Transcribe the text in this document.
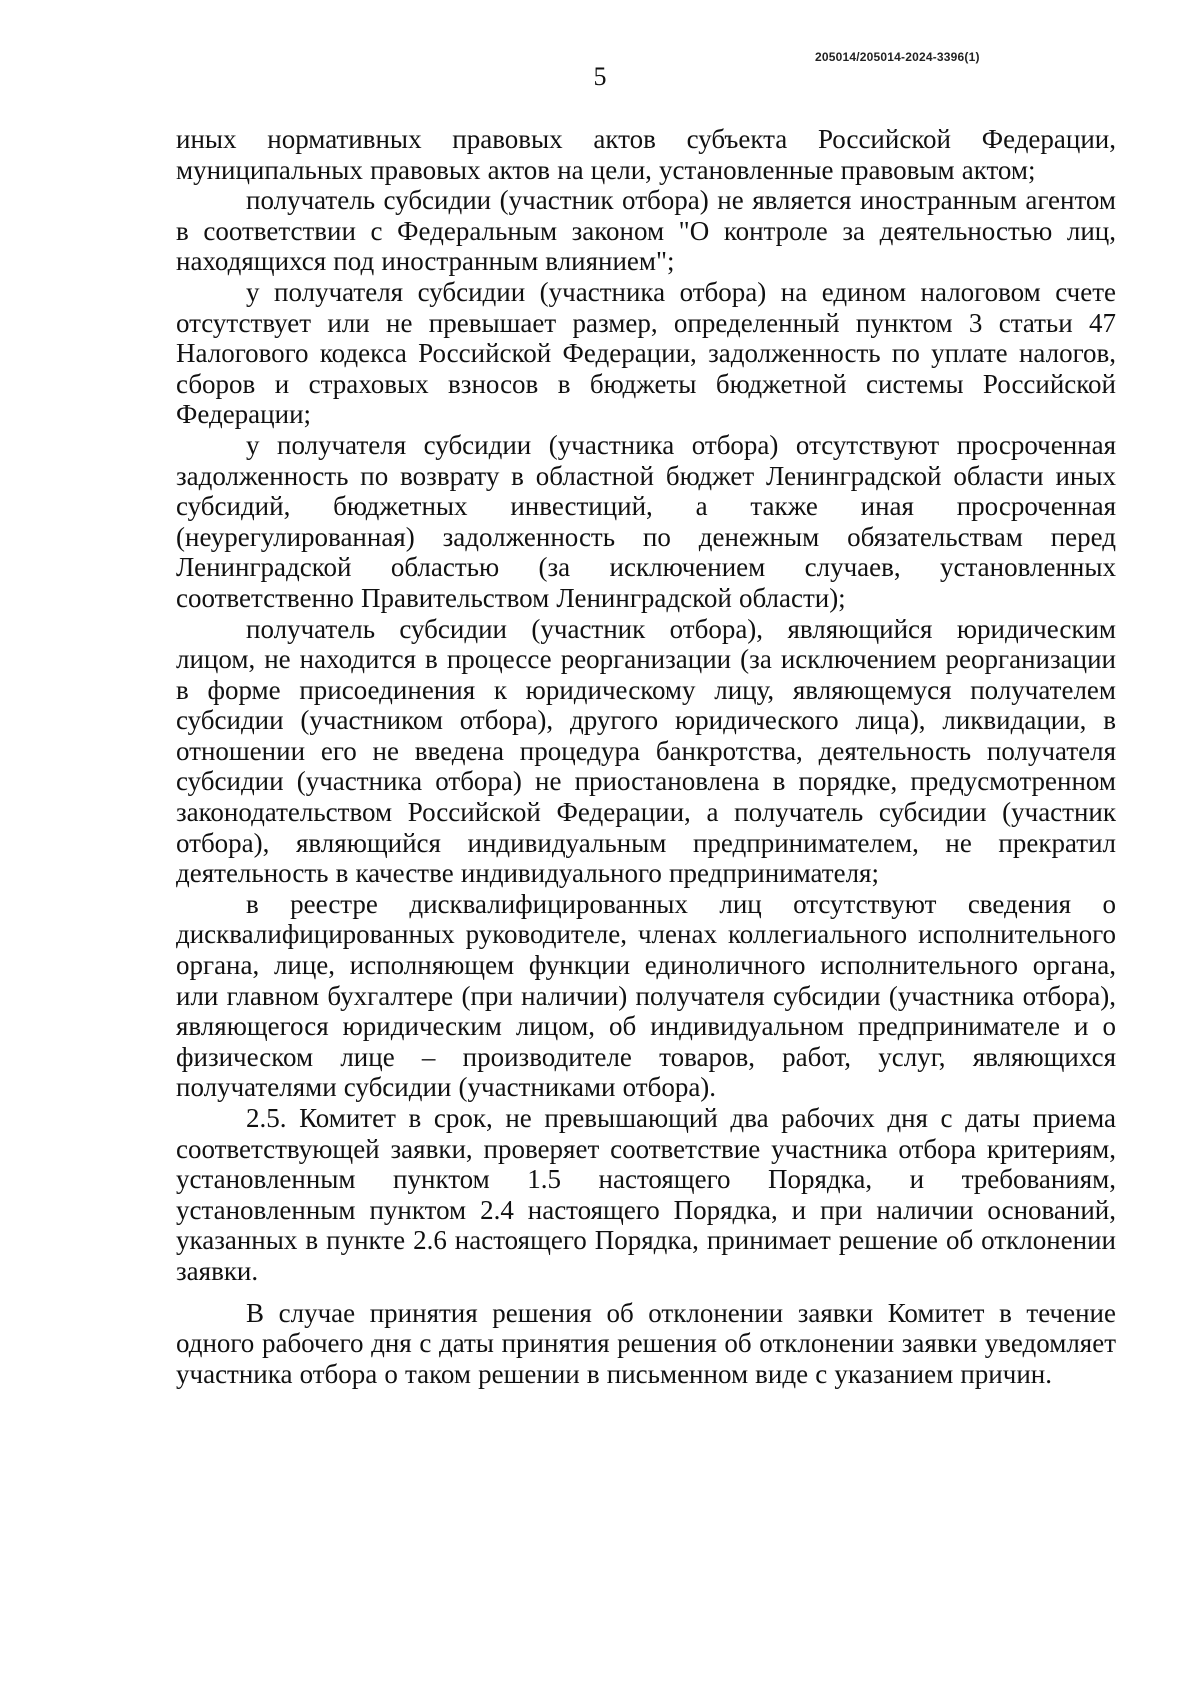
205014/205014-2024-3396(1)
5

иных нормативных правовых актов субъекта Российской Федерации, муниципальных правовых актов на цели, установленные правовым актом;

получатель субсидии (участник отбора) не является иностранным агентом в соответствии с Федеральным законом "О контроле за деятельностью лиц, находящихся под иностранным влиянием";

у получателя субсидии (участника отбора) на едином налоговом счете отсутствует или не превышает размер, определенный пунктом 3 статьи 47 Налогового кодекса Российской Федерации, задолженность по уплате налогов, сборов и страховых взносов в бюджеты бюджетной системы Российской Федерации;

у получателя субсидии (участника отбора) отсутствуют просроченная задолженность по возврату в областной бюджет Ленинградской области иных субсидий, бюджетных инвестиций, а также иная просроченная (неурегулированная) задолженность по денежным обязательствам перед Ленинградской областью (за исключением случаев, установленных соответственно Правительством Ленинградской области);

получатель субсидии (участник отбора), являющийся юридическим лицом, не находится в процессе реорганизации (за исключением реорганизации в форме присоединения к юридическому лицу, являющемуся получателем субсидии (участником отбора), другого юридического лица), ликвидации, в отношении его не введена процедура банкротства, деятельность получателя субсидии (участника отбора) не приостановлена в порядке, предусмотренном законодательством Российской Федерации, а получатель субсидии (участник отбора), являющийся индивидуальным предпринимателем, не прекратил деятельность в качестве индивидуального предпринимателя;

в реестре дисквалифицированных лиц отсутствуют сведения о дисквалифицированных руководителе, членах коллегиального исполнительного органа, лице, исполняющем функции единоличного исполнительного органа, или главном бухгалтере (при наличии) получателя субсидии (участника отбора), являющегося юридическим лицом, об индивидуальном предпринимателе и о физическом лице – производителе товаров, работ, услуг, являющихся получателями субсидии (участниками отбора).

2.5. Комитет в срок, не превышающий два рабочих дня с даты приема соответствующей заявки, проверяет соответствие участника отбора критериям, установленным пунктом 1.5 настоящего Порядка, и требованиям, установленным пунктом 2.4 настоящего Порядка, и при наличии оснований, указанных в пункте 2.6 настоящего Порядка, принимает решение об отклонении заявки.

В случае принятия решения об отклонении заявки Комитет в течение одного рабочего дня с даты принятия решения об отклонении заявки уведомляет участника отбора о таком решении в письменном виде с указанием причин.
